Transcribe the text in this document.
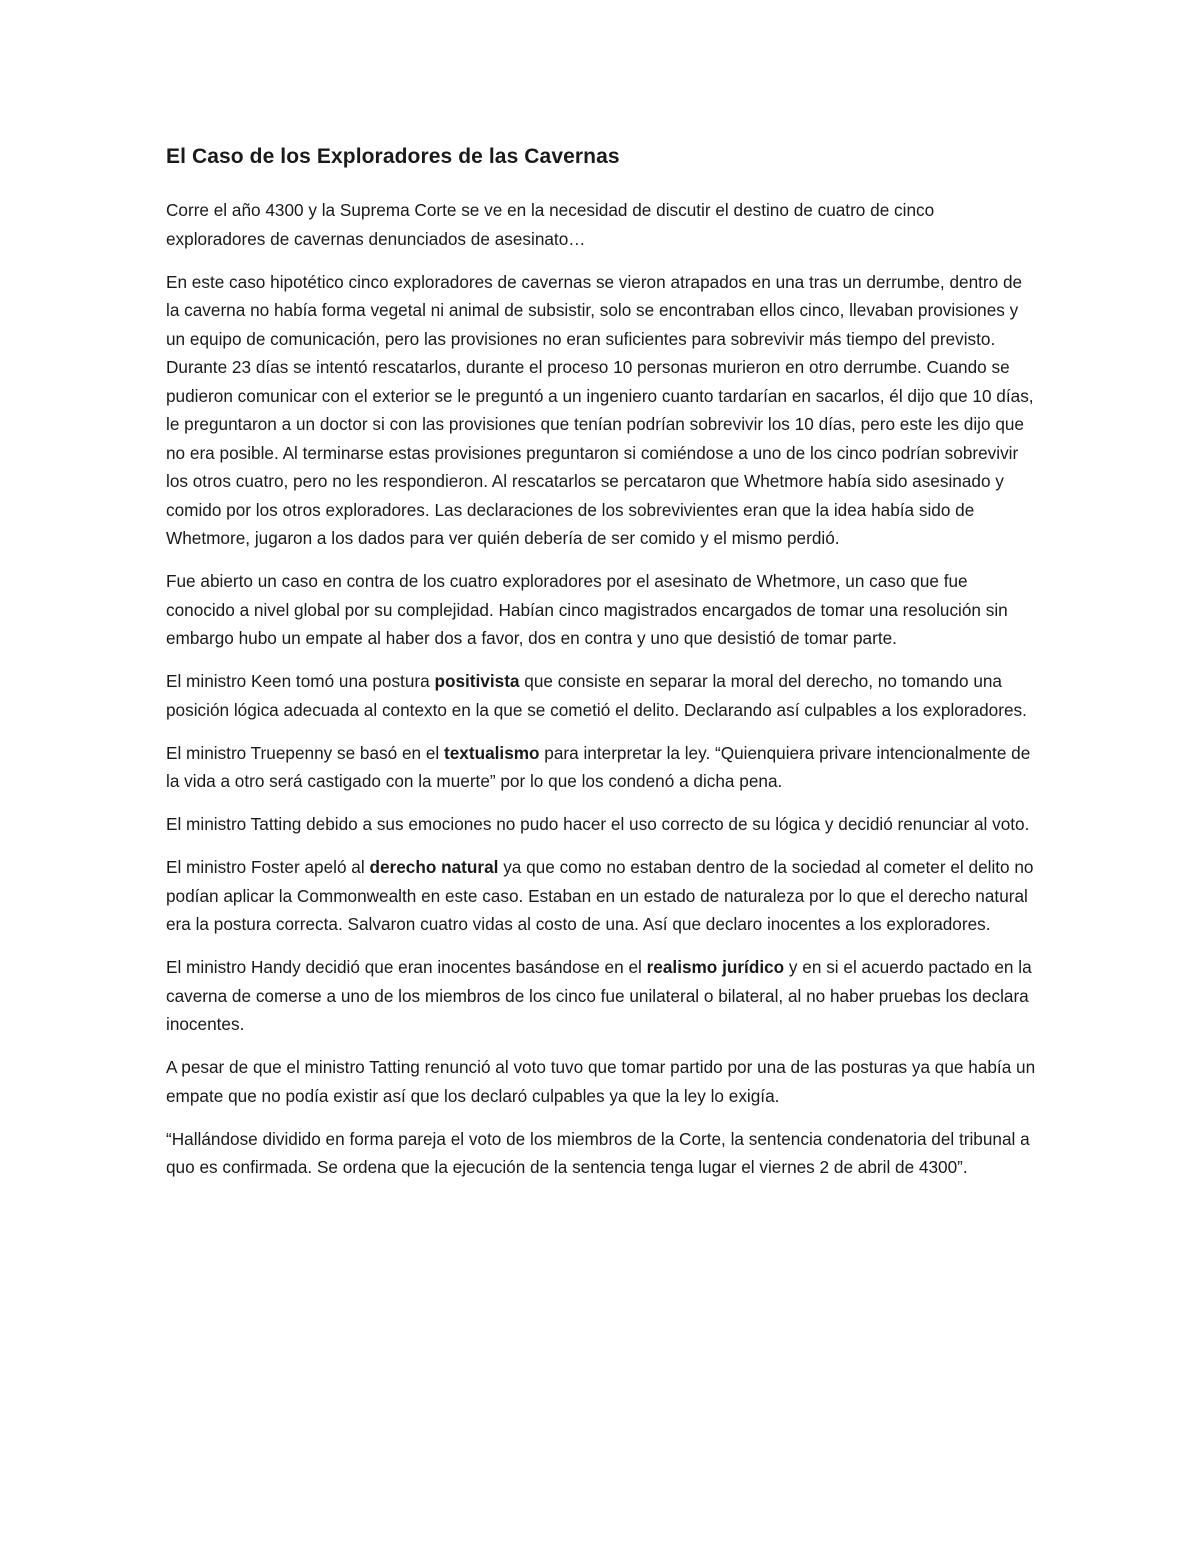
El Caso de los Exploradores de las Cavernas

Corre el año 4300 y la Suprema Corte se ve en la necesidad de discutir el destino de cuatro de cinco exploradores de cavernas denunciados de asesinato…

En este caso hipotético cinco exploradores de cavernas se vieron atrapados en una tras un derrumbe, dentro de la caverna no había forma vegetal ni animal de subsistir, solo se encontraban ellos cinco, llevaban provisiones y un equipo de comunicación, pero las provisiones no eran suficientes para sobrevivir más tiempo del previsto. Durante 23 días se intentó rescatarlos, durante el proceso 10 personas murieron en otro derrumbe. Cuando se pudieron comunicar con el exterior se le preguntó a un ingeniero cuanto tardarían en sacarlos, él dijo que 10 días, le preguntaron a un doctor si con las provisiones que tenían podrían sobrevivir los 10 días, pero este les dijo que no era posible. Al terminarse estas provisiones preguntaron si comiéndose a uno de los cinco podrían sobrevivir los otros cuatro, pero no les respondieron. Al rescatarlos se percataron que Whetmore había sido asesinado y comido por los otros exploradores. Las declaraciones de los sobrevivientes eran que la idea había sido de Whetmore, jugaron a los dados para ver quién debería de ser comido y el mismo perdió.

Fue abierto un caso en contra de los cuatro exploradores por el asesinato de Whetmore, un caso que fue conocido a nivel global por su complejidad. Habían cinco magistrados encargados de tomar una resolución sin embargo hubo un empate al haber dos a favor, dos en contra y uno que desistió de tomar parte.

El ministro Keen tomó una postura positivista que consiste en separar la moral del derecho, no tomando una posición lógica adecuada al contexto en la que se cometió el delito. Declarando así culpables a los exploradores.

El ministro Truepenny se basó en el textualismo para interpretar la ley. “Quienquiera privare intencionalmente de la vida a otro será castigado con la muerte” por lo que los condenó a dicha pena.

El ministro Tatting debido a sus emociones no pudo hacer el uso correcto de su lógica y decidió renunciar al voto.

El ministro Foster apeló al derecho natural ya que como no estaban dentro de la sociedad al cometer el delito no podían aplicar la Commonwealth en este caso. Estaban en un estado de naturaleza por lo que el derecho natural era la postura correcta. Salvaron cuatro vidas al costo de una. Así que declaro inocentes a los exploradores.

El ministro Handy decidió que eran inocentes basándose en el realismo jurídico y en si el acuerdo pactado en la caverna de comerse a uno de los miembros de los cinco fue unilateral o bilateral, al no haber pruebas los declara inocentes.

A pesar de que el ministro Tatting renunció al voto tuvo que tomar partido por una de las posturas ya que había un empate que no podía existir así que los declaró culpables ya que la ley lo exigía.

“Hallándose dividido en forma pareja el voto de los miembros de la Corte, la sentencia condenatoria del tribunal a quo es confirmada. Se ordena que la ejecución de la sentencia tenga lugar el viernes 2 de abril de 4300”.
